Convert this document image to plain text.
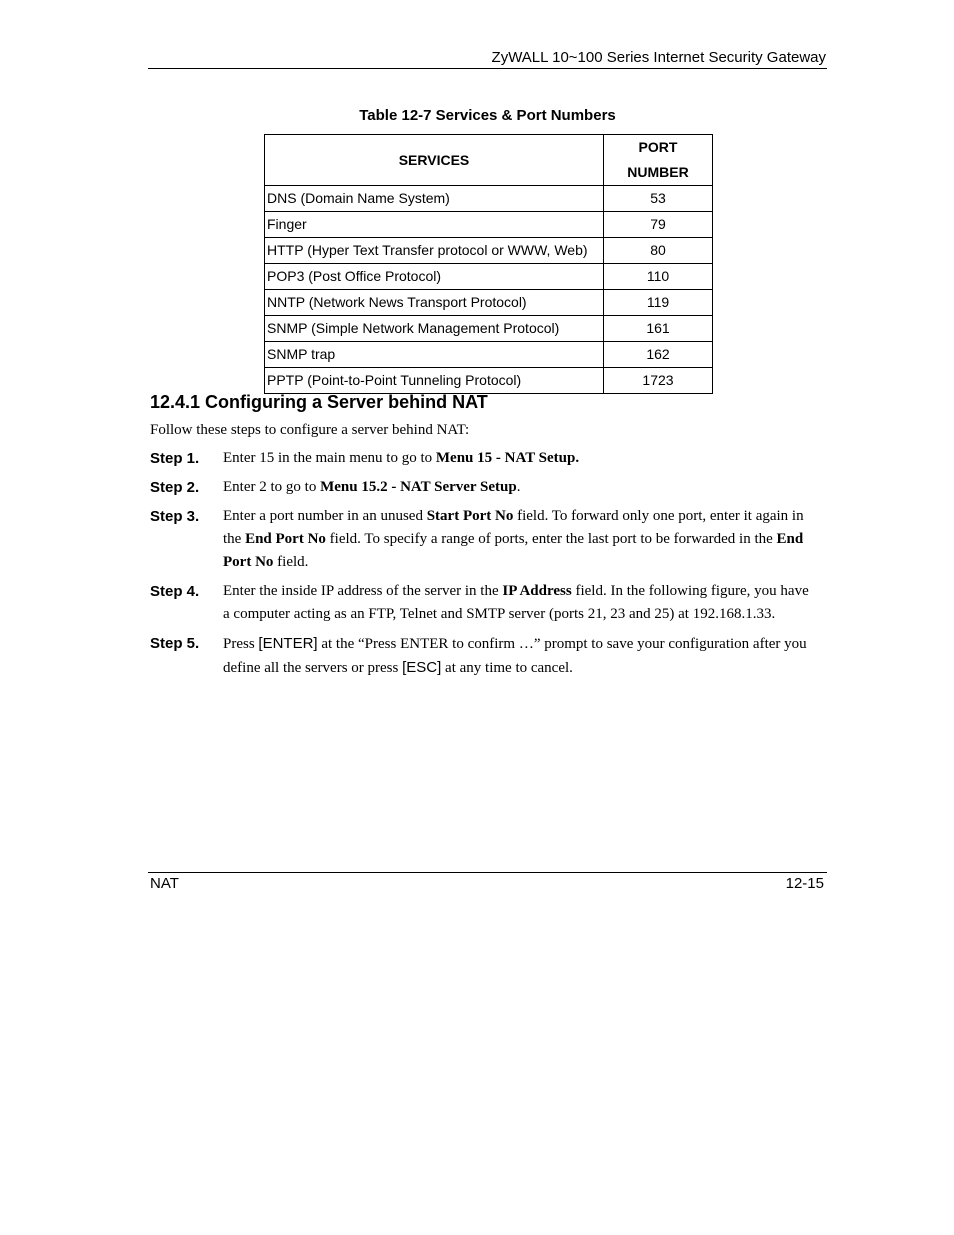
ZyWALL 10~100 Series Internet Security Gateway
Table 12-7 Services & Port Numbers
SERVICES	PORT NUMBER
DNS (Domain Name System)	53
Finger	79
HTTP (Hyper Text Transfer protocol or WWW, Web)	80
POP3 (Post Office Protocol)	110
NNTP (Network News Transport Protocol)	119
SNMP (Simple Network Management Protocol)	161
SNMP trap	162
PPTP (Point-to-Point Tunneling Protocol)	1723
12.4.1 Configuring a Server behind NAT
Follow these steps to configure a server behind NAT:
Step 1.	Enter 15 in the main menu to go to Menu 15 - NAT Setup.
Step 2.	Enter 2 to go to Menu 15.2 - NAT Server Setup.
Step 3.	Enter a port number in an unused Start Port No field. To forward only one port, enter it again in the End Port No field. To specify a range of ports, enter the last port to be forwarded in the End Port No field.
Step 4.	Enter the inside IP address of the server in the IP Address field. In the following figure, you have a computer acting as an FTP, Telnet and SMTP server (ports 21, 23 and 25) at 192.168.1.33.
Step 5.	Press [ENTER] at the “Press ENTER to confirm …” prompt to save your configuration after you define all the servers or press [ESC] at any time to cancel.
NAT	12-15
